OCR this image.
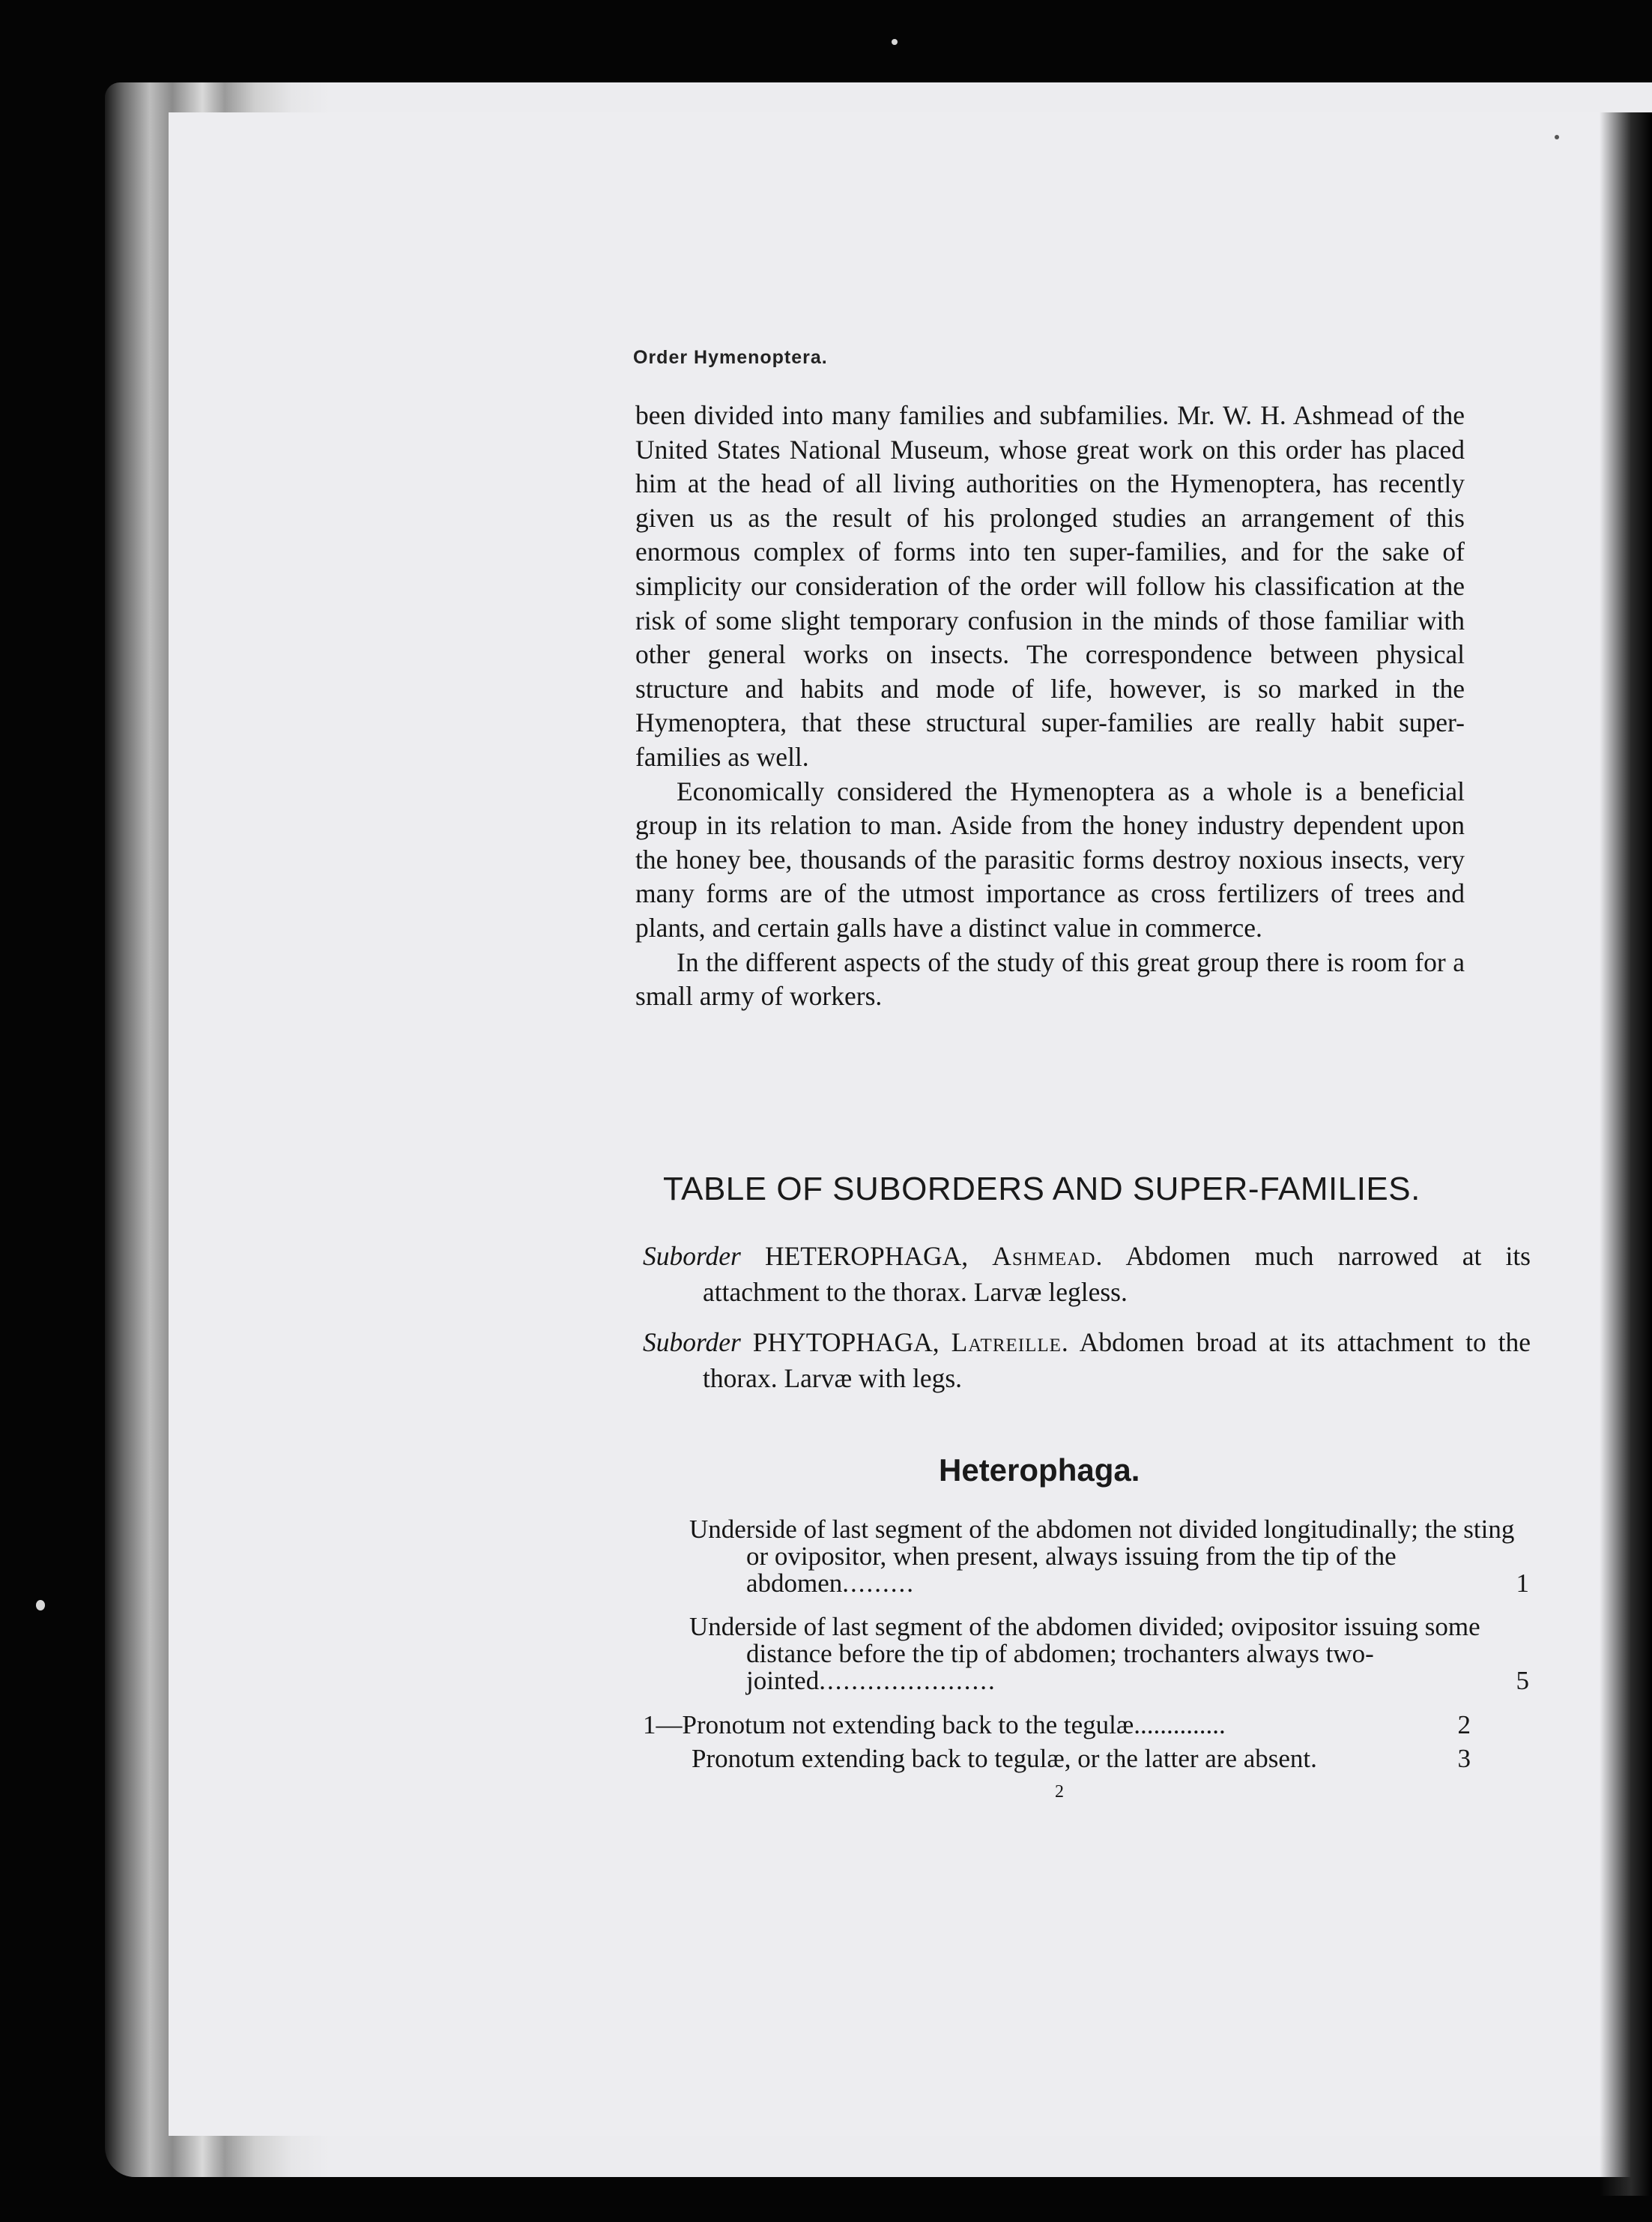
Order Hymenoptera.

been divided into many families and subfamilies. Mr. W. H. Ashmead of the United States National Museum, whose great work on this order has placed him at the head of all living authorities on the Hymenoptera, has recently given us as the result of his prolonged studies an arrangement of this enormous complex of forms into ten super-families, and for the sake of simplicity our consideration of the order will follow his classification at the risk of some slight temporary confusion in the minds of those familiar with other general works on insects. The correspondence between physical structure and habits and mode of life, however, is so marked in the Hymenoptera, that these structural super-families are really habit super-families as well.

Economically considered the Hymenoptera as a whole is a beneficial group in its relation to man. Aside from the honey industry dependent upon the honey bee, thousands of the parasitic forms destroy noxious insects, very many forms are of the utmost importance as cross fertilizers of trees and plants, and certain galls have a distinct value in commerce.

In the different aspects of the study of this great group there is room for a small army of workers.

TABLE OF SUBORDERS AND SUPER-FAMILIES.
Suborder HETEROPHAGA, Ashmead. Abdomen much narrowed at its attachment to the thorax. Larvæ legless.
Suborder PHYTOPHAGA, Latreille. Abdomen broad at its attachment to the thorax. Larvæ with legs.
Heterophaga.
Underside of last segment of the abdomen not divided longitudinally; the sting or ovipositor, when present, always issuing from the tip of the abdomen.........	1
Underside of last segment of the abdomen divided; ovipositor issuing some distance before the tip of abdomen; trochanters always two-jointed......................	5
1—Pronotum not extending back to the tegulæ..............	2
Pronotum extending back to tegulæ, or the latter are absent.	3
2
